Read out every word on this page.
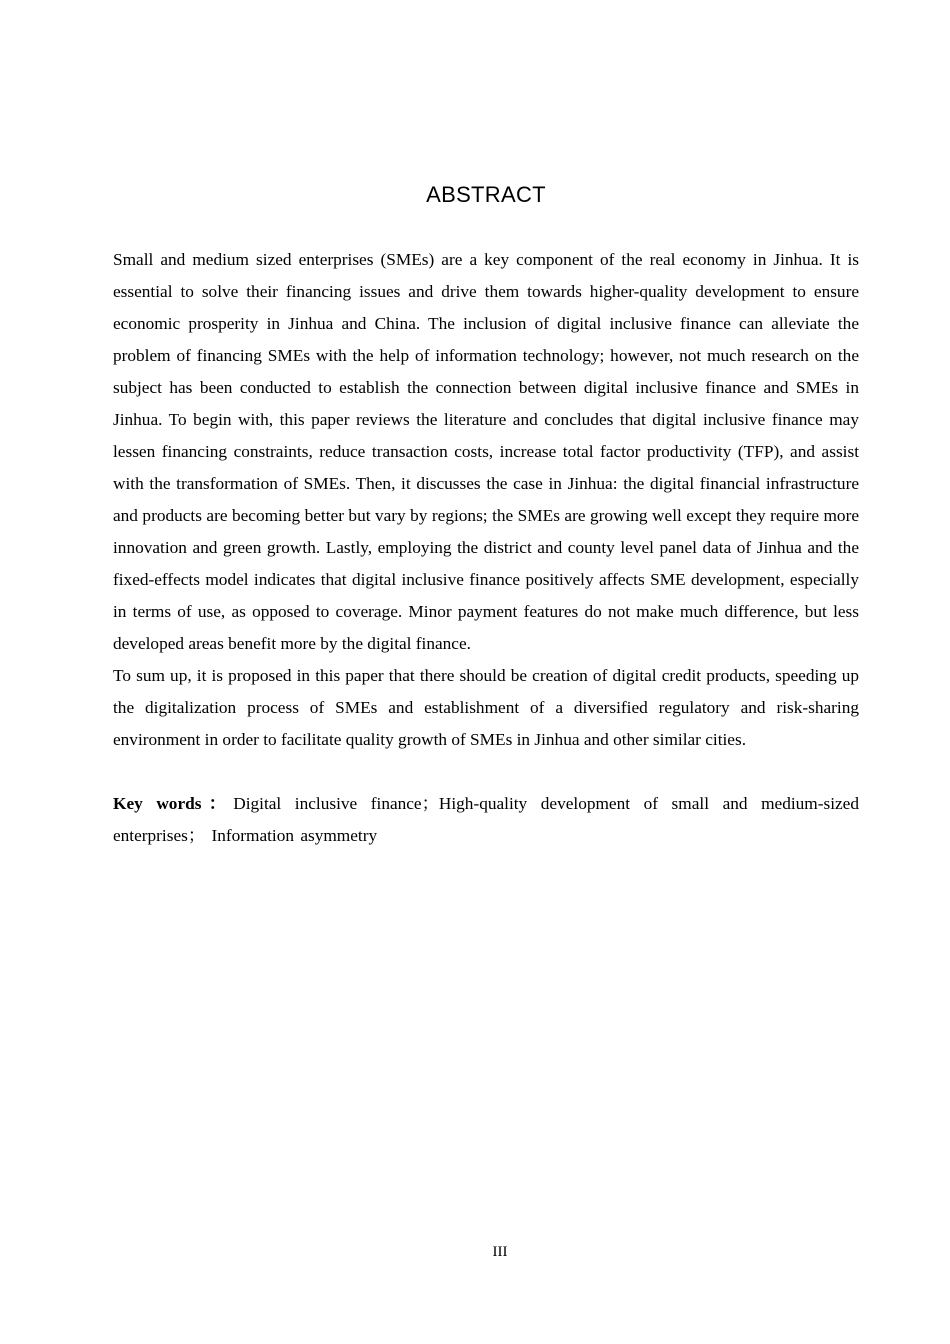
ABSTRACT

Small and medium sized enterprises (SMEs) are a key component of the real economy in Jinhua. It is essential to solve their financing issues and drive them towards higher-quality development to ensure economic prosperity in Jinhua and China. The inclusion of digital inclusive finance can alleviate the problem of financing SMEs with the help of information technology; however, not much research on the subject has been conducted to establish the connection between digital inclusive finance and SMEs in Jinhua. To begin with, this paper reviews the literature and concludes that digital inclusive finance may lessen financing constraints, reduce transaction costs, increase total factor productivity (TFP), and assist with the transformation of SMEs. Then, it discusses the case in Jinhua: the digital financial infrastructure and products are becoming better but vary by regions; the SMEs are growing well except they require more innovation and green growth. Lastly, employing the district and county level panel data of Jinhua and the fixed-effects model indicates that digital inclusive finance positively affects SME development, especially in terms of use, as opposed to coverage. Minor payment features do not make much difference, but less developed areas benefit more by the digital finance.

To sum up, it is proposed in this paper that there should be creation of digital credit products, speeding up the digitalization process of SMEs and establishment of a diversified regulatory and risk-sharing environment in order to facilitate quality growth of SMEs in Jinhua and other similar cities.

Key words：Digital inclusive finance；High-quality development of small and medium-sized enterprises； Information asymmetry

III
